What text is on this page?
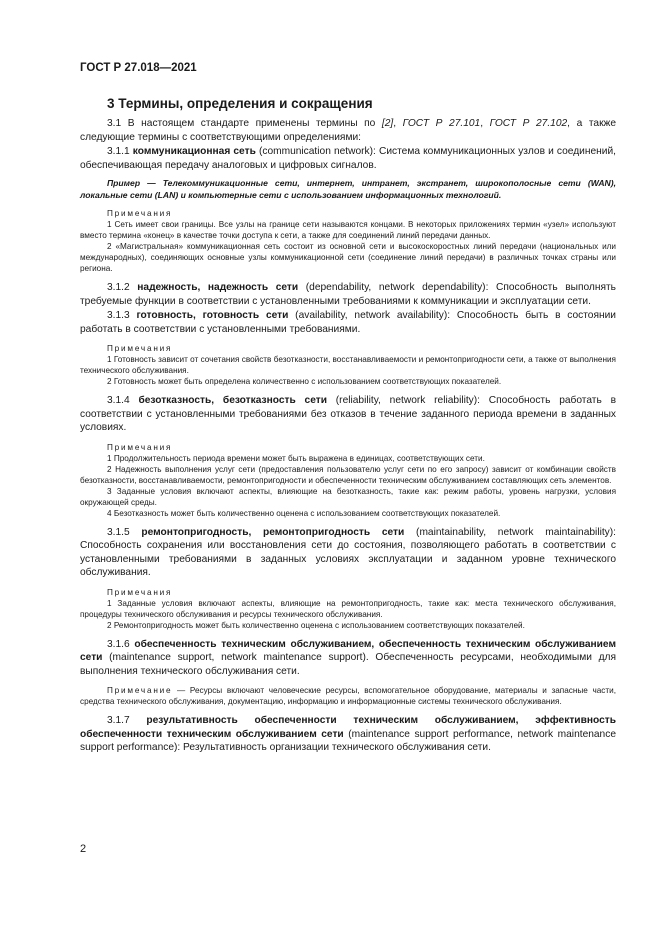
ГОСТ Р 27.018—2021
3 Термины, определения и сокращения

3.1 В настоящем стандарте применены термины по [2], ГОСТ Р 27.101, ГОСТ Р 27.102, а также следующие термины с соответствующими определениями:

3.1.1 коммуникационная сеть (communication network): Система коммуникационных узлов и соединений, обеспечивающая передачу аналоговых и цифровых сигналов.

Пример — Телекоммуникационные сети, интернет, интранет, экстранет, широкополосные сети (WAN), локальные сети (LAN) и компьютерные сети с использованием информационных технологий.

Примечания

1 Сеть имеет свои границы. Все узлы на границе сети называются концами. В некоторых приложениях термин «узел» используют вместо термина «конец» в качестве точки доступа к сети, а также для соединений линий передачи данных.

2 «Магистральная» коммуникационная сеть состоит из основной сети и высокоскоростных линий передачи (национальных или международных), соединяющих основные узлы коммуникационной сети (соединение линий передачи) в различных точках страны или региона.

3.1.2 надежность, надежность сети (dependability, network dependability): Способность выполнять требуемые функции в соответствии с установленными требованиями к коммуникации и эксплуатации сети.

3.1.3 готовность, готовность сети (availability, network availability): Способность быть в состоянии работать в соответствии с установленными требованиями.

Примечания

1 Готовность зависит от сочетания свойств безотказности, восстанавливаемости и ремонтопригодности сети, а также от выполнения технического обслуживания.

2 Готовность может быть определена количественно с использованием соответствующих показателей.

3.1.4 безотказность, безотказность сети (reliability, network reliability): Способность работать в соответствии с установленными требованиями без отказов в течение заданного периода времени в заданных условиях.

Примечания

1 Продолжительность периода времени может быть выражена в единицах, соответствующих сети.

2 Надежность выполнения услуг сети (предоставления пользователю услуг сети по его запросу) зависит от комбинации свойств безотказности, восстанавливаемости, ремонтопригодности и обеспеченности техническим обслуживанием составляющих сеть элементов.

3 Заданные условия включают аспекты, влияющие на безотказность, такие как: режим работы, уровень нагрузки, условия окружающей среды.

4 Безотказность может быть количественно оценена с использованием соответствующих показателей.

3.1.5 ремонтопригодность, ремонтопригодность сети (maintainability, network maintainability): Способность сохранения или восстановления сети до состояния, позволяющего работать в соответствии с установленными требованиями в заданных условиях эксплуатации и заданном уровне технического обслуживания.

Примечания

1 Заданные условия включают аспекты, влияющие на ремонтопригодность, такие как: места технического обслуживания, процедуры технического обслуживания и ресурсы технического обслуживания.

2 Ремонтопригодность может быть количественно оценена с использованием соответствующих показателей.

3.1.6 обеспеченность техническим обслуживанием, обеспеченность техническим обслуживанием сети (maintenance support, network maintenance support). Обеспеченность ресурсами, необходимыми для выполнения технического обслуживания сети.

Примечание — Ресурсы включают человеческие ресурсы, вспомогательное оборудование, материалы и запасные части, средства технического обслуживания, документацию, информацию и информационные системы технического обслуживания.

3.1.7 результативность обеспеченности техническим обслуживанием, эффективность обеспеченности техническим обслуживанием сети (maintenance support performance, network maintenance support performance): Результативность организации технического обслуживания сети.

2
